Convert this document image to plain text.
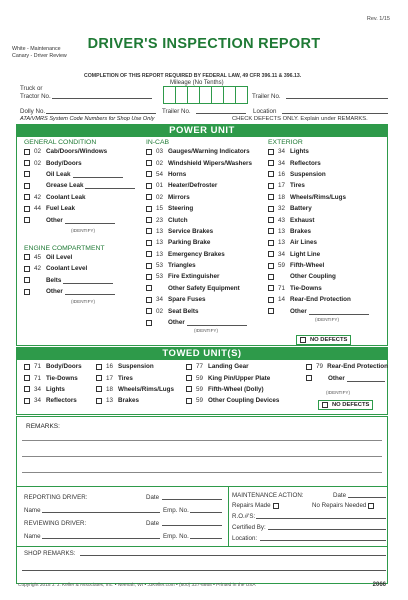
Rev. 1/15
DRIVER'S INSPECTION REPORT
White - Maintenance
Canary - Driver Review
COMPLETION OF THIS REPORT REQUIRED BY FEDERAL LAW, 49 CFR 396.11 & 396.13.
Mileage (No Tenths)
Truck or
Tractor No.	Trailer No.
Dolly No.	Trailer No.	Location
ATA/VMRS System Code Numbers for Shop Use Only	CHECK DEFECTS ONLY. Explain under REMARKS.
POWER UNIT
GENERAL CONDITION
02 Cab/Doors/Windows
02 Body/Doors
Oil Leak
Grease Leak
42 Coolant Leak
44 Fuel Leak
Other
(IDENTIFY)
ENGINE COMPARTMENT
45 Oil Level
42 Coolant Level
Belts
Other
(IDENTIFY)
IN-CAB
03 Gauges/Warning Indicators
02 Windshield Wipers/Washers
54 Horns
01 Heater/Defroster
02 Mirrors
15 Steering
23 Clutch
13 Service Brakes
13 Parking Brake
13 Emergency Brakes
53 Triangles
53 Fire Extinguisher
Other Safety Equipment
34 Spare Fuses
02 Seat Belts
Other
(IDENTIFY)
EXTERIOR
34 Lights
34 Reflectors
16 Suspension
17 Tires
18 Wheels/Rims/Lugs
32 Battery
43 Exhaust
13 Brakes
13 Air Lines
34 Light Line
59 Fifth-Wheel
Other Coupling
71 Tie-Downs
14 Rear-End Protection
Other
(IDENTIFY)
NO DEFECTS
TOWED UNIT(S)
71 Body/Doors
71 Tie-Downs
34 Lights
34 Reflectors
16 Suspension
17 Tires
18 Wheels/Rims/Lugs
13 Brakes
77 Landing Gear
59 King Pin/Upper Plate
59 Fifth-Wheel (Dolly)
59 Other Coupling Devices
79 Rear-End Protection
Other
(IDENTIFY)
NO DEFECTS
REMARKS:
REPORTING DRIVER:	Date
Name	Emp. No.
REVIEWING DRIVER:	Date
Name	Emp. No.
MAINTENANCE ACTION:	Date
Repairs Made	No Repairs Needed
R.O.#'S:
Certified By:
Location:
SHOP REMARKS:
Copyright 2015 J. J. Keller & Associates, Inc. • Neenah, WI • JJKeller.com • (800) 327-6868 • Printed in the USA	2066
